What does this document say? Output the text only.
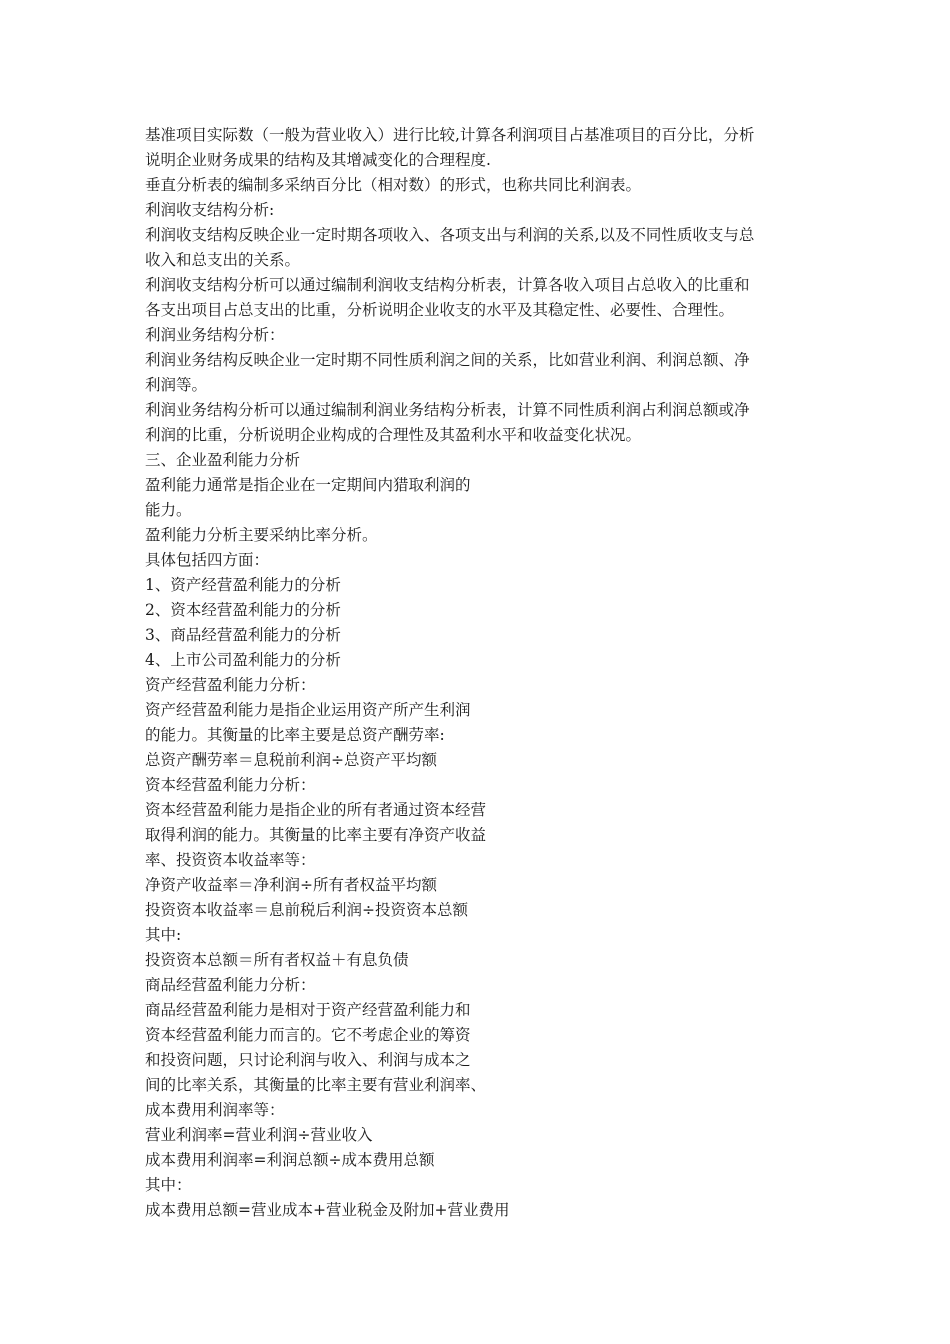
基准项目实际数（一般为营业收入）进行比较,计算各利润项目占基准项目的百分比，分析
说明企业财务成果的结构及其增减变化的合理程度.
垂直分析表的编制多采纳百分比（相对数）的形式，也称共同比利润表。
利润收支结构分析:
利润收支结构反映企业一定时期各项收入、各项支出与利润的关系,以及不同性质收支与总
收入和总支出的关系。
利润收支结构分析可以通过编制利润收支结构分析表，计算各收入项目占总收入的比重和
各支出项目占总支出的比重，分析说明企业收支的水平及其稳定性、必要性、合理性。
利润业务结构分析：
利润业务结构反映企业一定时期不同性质利润之间的关系，比如营业利润、利润总额、净
利润等。
利润业务结构分析可以通过编制利润业务结构分析表，计算不同性质利润占利润总额或净
利润的比重，分析说明企业构成的合理性及其盈利水平和收益变化状况。
三、企业盈利能力分析
盈利能力通常是指企业在一定期间内猎取利润的
能力。
盈利能力分析主要采纳比率分析。
具体包括四方面：
1、资产经营盈利能力的分析
2、资本经营盈利能力的分析
3、商品经营盈利能力的分析
4、上市公司盈利能力的分析
资产经营盈利能力分析：
资产经营盈利能力是指企业运用资产所产生利润
的能力。其衡量的比率主要是总资产酬劳率:
总资产酬劳率＝息税前利润÷总资产平均额
资本经营盈利能力分析：
资本经营盈利能力是指企业的所有者通过资本经营
取得利润的能力。其衡量的比率主要有净资产收益
率、投资资本收益率等：
净资产收益率＝净利润÷所有者权益平均额
投资资本收益率＝息前税后利润÷投资资本总额
其中:
投资资本总额＝所有者权益＋有息负债
商品经营盈利能力分析：
商品经营盈利能力是相对于资产经营盈利能力和
资本经营盈利能力而言的。它不考虑企业的筹资
和投资问题，只讨论利润与收入、利润与成本之
间的比率关系，其衡量的比率主要有营业利润率、
成本费用利润率等：
营业利润率=营业利润÷营业收入
成本费用利润率=利润总额÷成本费用总额
其中：
成本费用总额=营业成本+营业税金及附加+营业费用
